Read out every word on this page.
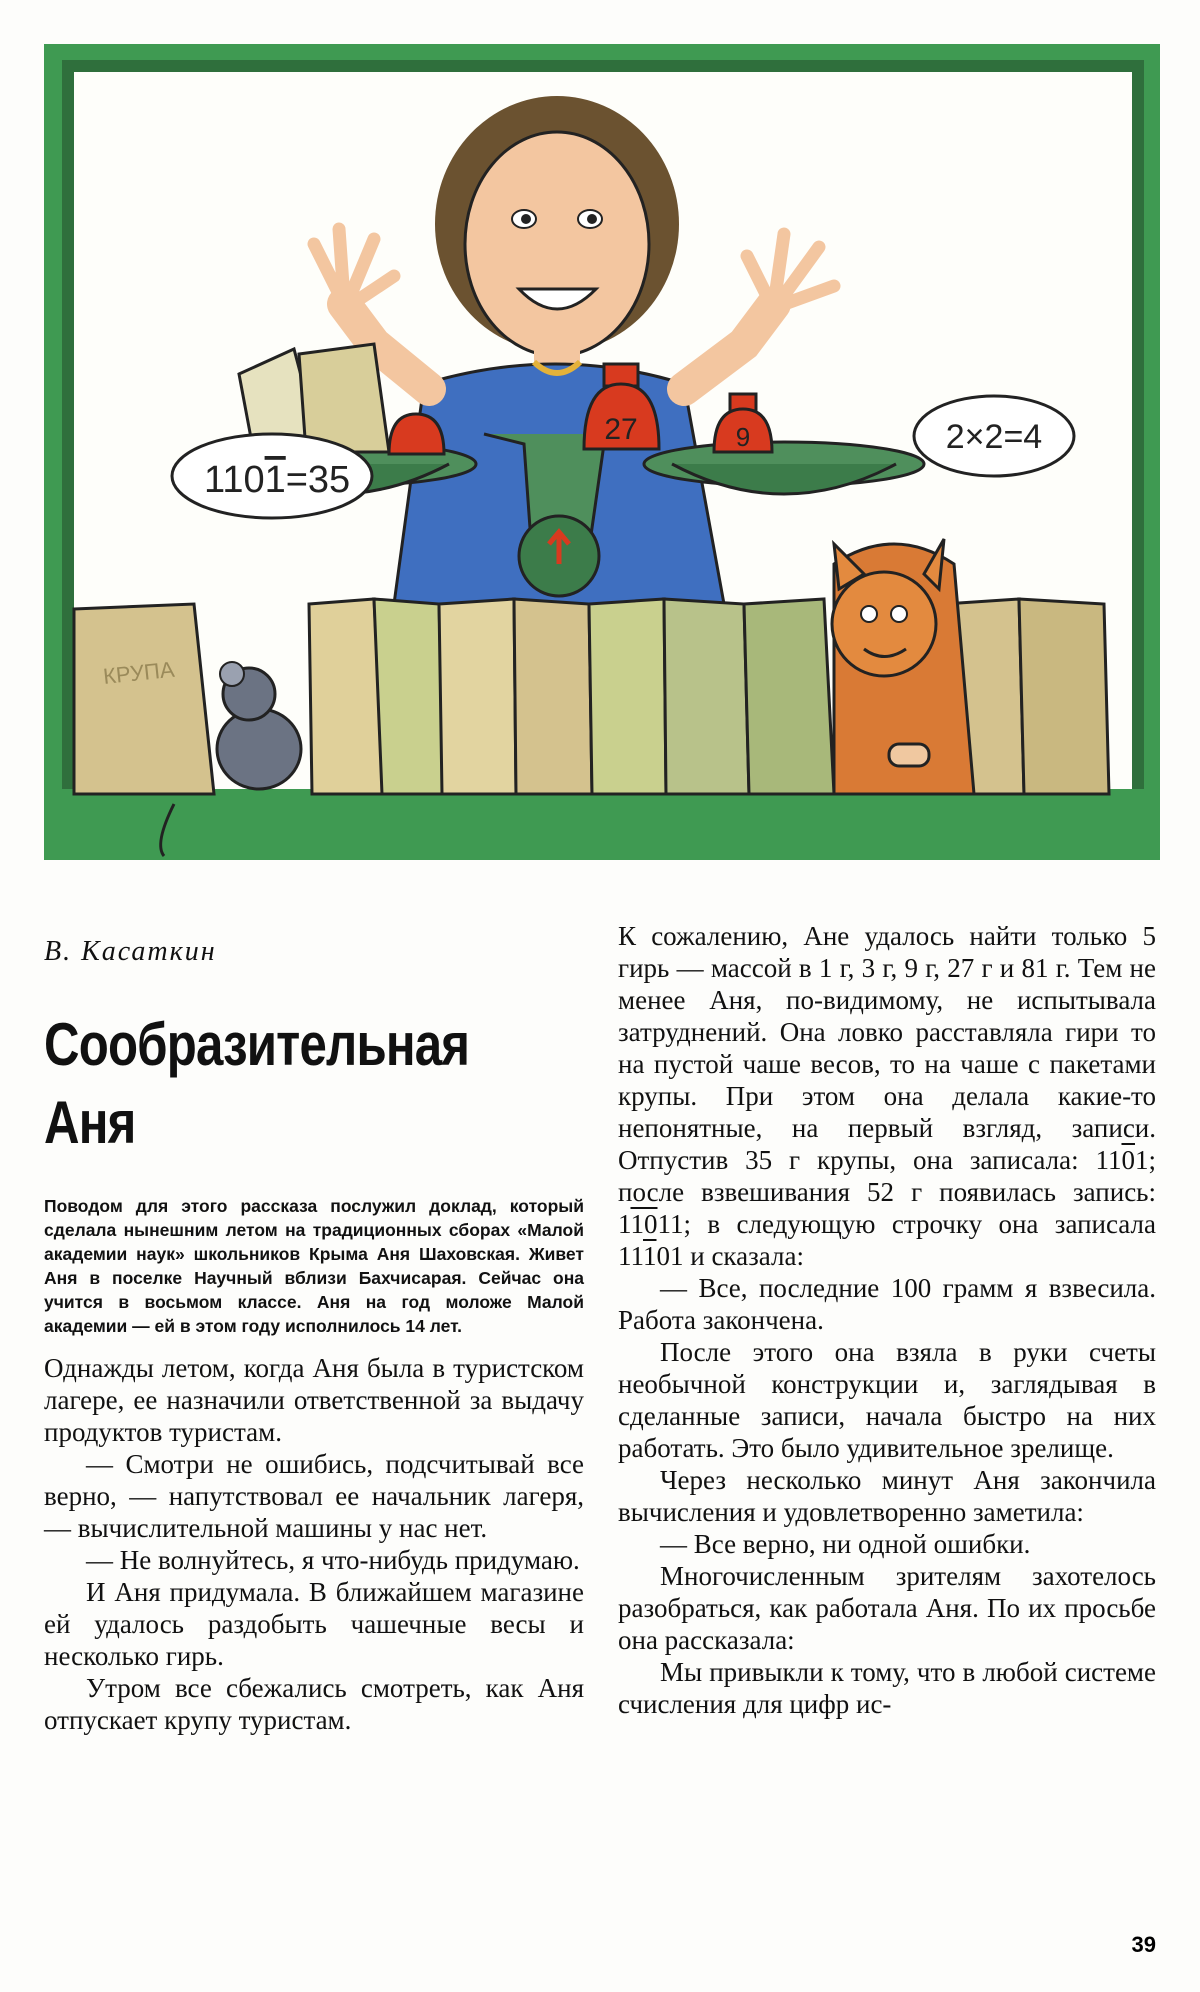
27	9
1101=35
2×2=4
КРУПА
В. Касаткин
Сообразительная
Аня

Поводом для этого рассказа послужил доклад, который сделала нынешним летом на традиционных сборах «Малой академии наук» школьников Крыма Аня Шаховская. Живет Аня в поселке Научный вблизи Бахчисарая. Сейчас она учится в восьмом классе. Аня на год моложе Малой академии — ей в этом году исполнилось 14 лет.

Однажды летом, когда Аня была в туристском лагере, ее назначили ответственной за выдачу продуктов туристам.

— Смотри не ошибись, подсчитывай все верно, — напутствовал ее начальник лагеря, — вычислительной машины у нас нет.

— Не волнуйтесь, я что-нибудь придумаю.

И Аня придумала. В ближайшем магазине ей удалось раздобыть чашечные весы и несколько гирь.

Утром все сбежались смотреть, как Аня отпускает крупу туристам.

К сожалению, Ане удалось найти только 5 гирь — массой в 1 г, 3 г, 9 г, 27 г и 81 г. Тем не менее Аня, по-видимому, не испытывала затруднений. Она ловко расставляла гири то на пустой чаше весов, то на чаше с пакетами крупы. При этом она делала какие-то непонятные, на первый взгляд, записи. Отпустив 35 г крупы, она записала: 1101; после взвешивания 52 г появилась запись: 11011; в следующую строчку она записала 11101 и сказала:

— Все, последние 100 грамм я взвесила. Работа закончена.

После этого она взяла в руки счеты необычной конструкции и, заглядывая в сделанные записи, начала быстро на них работать. Это было удивительное зрелище.

Через несколько минут Аня закончила вычисления и удовлетворенно заметила:

— Все верно, ни одной ошибки.

Многочисленным зрителям захотелось разобраться, как работала Аня. По их просьбе она рассказала:

Мы привыкли к тому, что в любой системе счисления для цифр ис-

39
